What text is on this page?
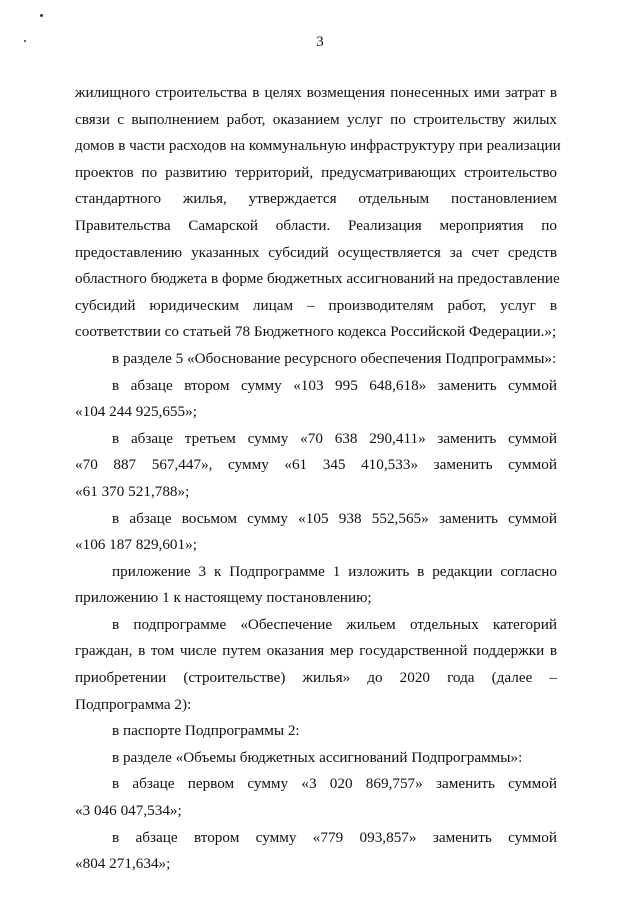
3
жилищного строительства в целях возмещения понесенных ими затрат в
связи с выполнением работ, оказанием услуг по строительству жилых
домов в части расходов на коммунальную инфраструктуру при реализации
проектов по развитию территорий, предусматривающих строительство
стандартного жилья, утверждается отдельным постановлением
Правительства Самарской области. Реализация мероприятия по
предоставлению указанных субсидий осуществляется за счет средств
областного бюджета в форме бюджетных ассигнований на предоставление
субсидий юридическим лицам – производителям работ, услуг в
соответствии со статьей 78 Бюджетного кодекса Российской Федерации.»;
в разделе 5 «Обоснование ресурсного обеспечения Подпрограммы»:
в абзаце втором сумму «103 995 648,618» заменить суммой
«104 244 925,655»;
в абзаце третьем сумму «70 638 290,411» заменить суммой
«70 887 567,447», сумму «61 345 410,533» заменить суммой
«61 370 521,788»;
в абзаце восьмом сумму «105 938 552,565» заменить суммой
«106 187 829,601»;
приложение 3 к Подпрограмме 1 изложить в редакции согласно
приложению 1 к настоящему постановлению;
в подпрограмме «Обеспечение жильем отдельных категорий
граждан, в том числе путем оказания мер государственной поддержки в
приобретении (строительстве) жилья» до 2020 года (далее –
Подпрограмма 2):
в паспорте Подпрограммы 2:
в разделе «Объемы бюджетных ассигнований Подпрограммы»:
в абзаце первом сумму «3 020 869,757» заменить суммой
«3 046 047,534»;
в абзаце втором сумму «779 093,857» заменить суммой
«804 271,634»;
